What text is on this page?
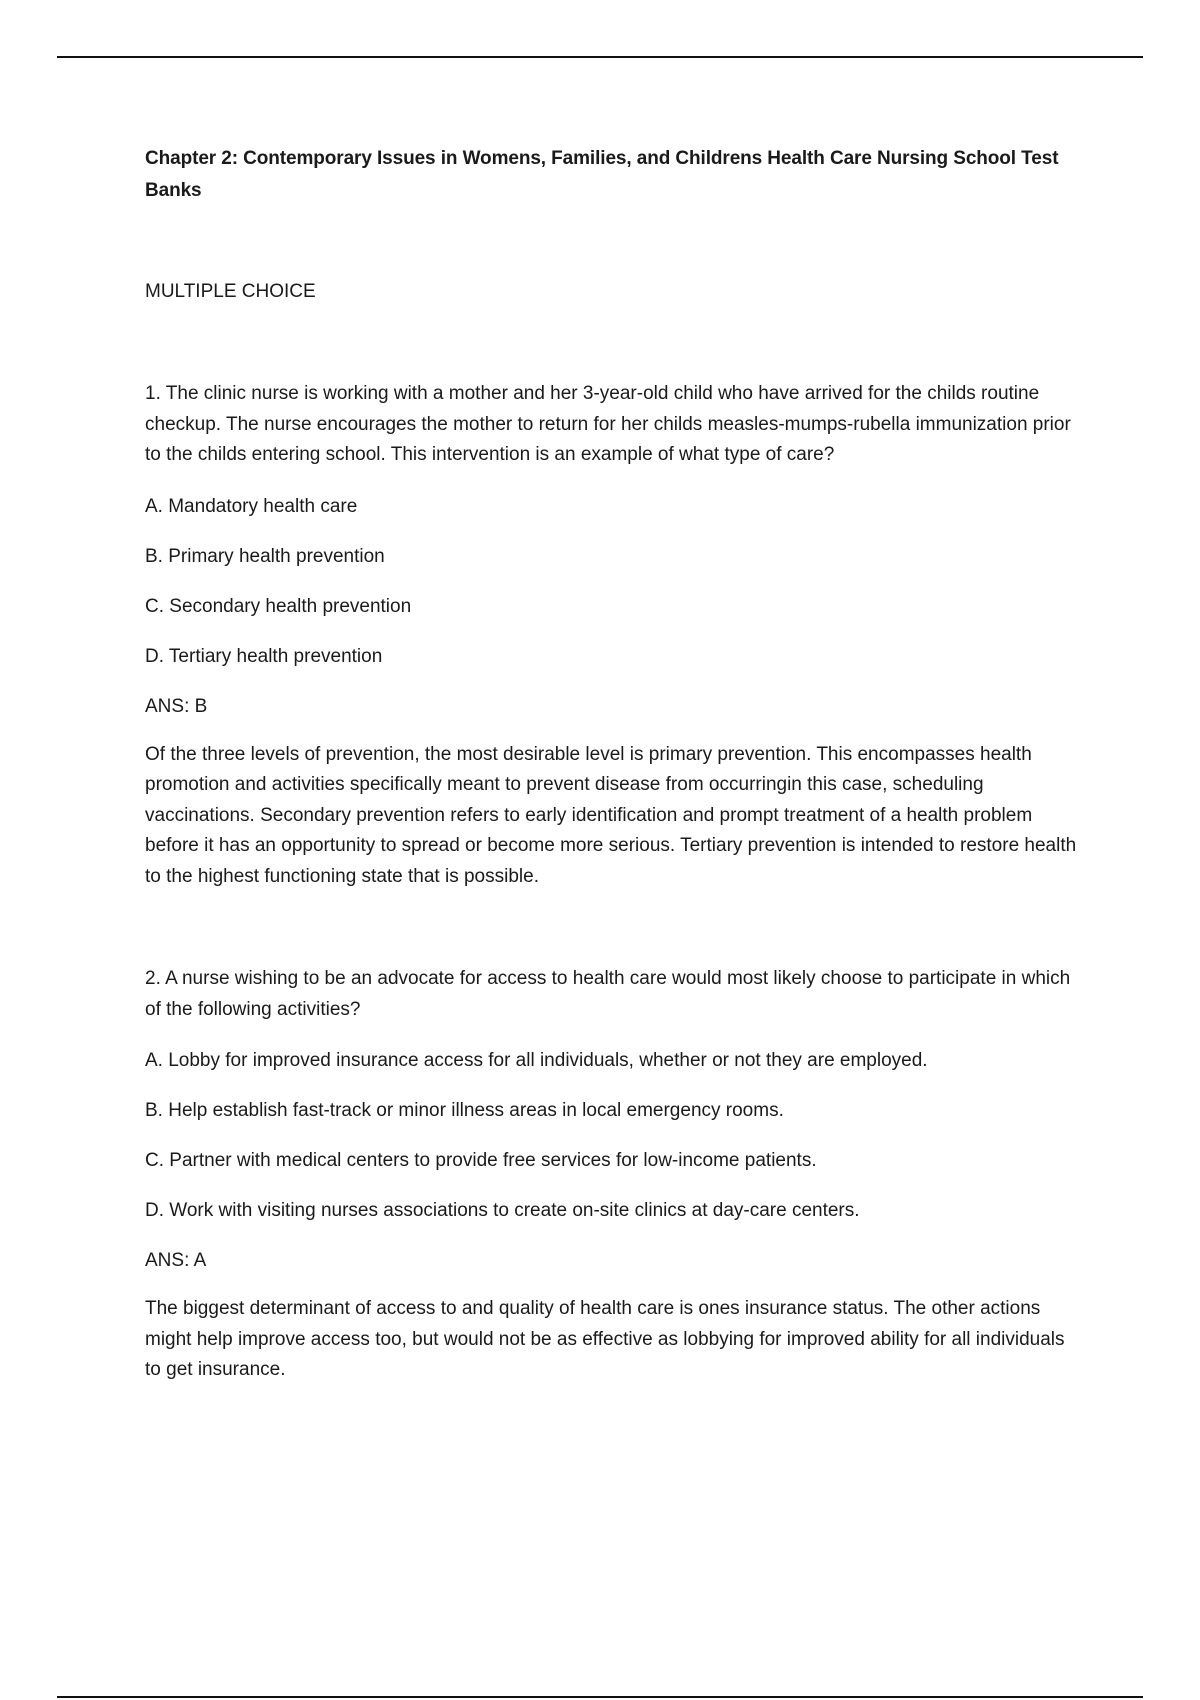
Chapter 2: Contemporary Issues in Womens, Families, and Childrens Health Care Nursing School Test Banks

MULTIPLE CHOICE

1. The clinic nurse is working with a mother and her 3-year-old child who have arrived for the childs routine checkup. The nurse encourages the mother to return for her childs measles-mumps-rubella immunization prior to the childs entering school. This intervention is an example of what type of care?

A. Mandatory health care

B. Primary health prevention

C. Secondary health prevention

D. Tertiary health prevention

ANS: B

Of the three levels of prevention, the most desirable level is primary prevention. This encompasses health promotion and activities specifically meant to prevent disease from occurringin this case, scheduling vaccinations. Secondary prevention refers to early identification and prompt treatment of a health problem before it has an opportunity to spread or become more serious. Tertiary prevention is intended to restore health to the highest functioning state that is possible.

2. A nurse wishing to be an advocate for access to health care would most likely choose to participate in which of the following activities?

A. Lobby for improved insurance access for all individuals, whether or not they are employed.

B. Help establish fast-track or minor illness areas in local emergency rooms.

C. Partner with medical centers to provide free services for low-income patients.

D. Work with visiting nurses associations to create on-site clinics at day-care centers.

ANS: A

The biggest determinant of access to and quality of health care is ones insurance status. The other actions might help improve access too, but would not be as effective as lobbying for improved ability for all individuals to get insurance.
